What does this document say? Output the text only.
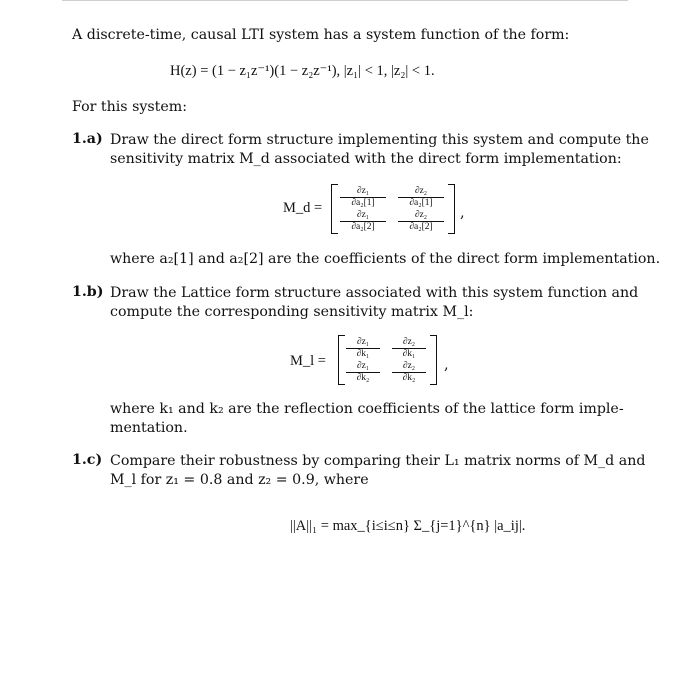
A discrete-time, causal LTI system has a system function of the form:
H(z) = (1 − z₁z⁻¹)(1 − z₂z⁻¹), |z₁| < 1, |z₂| < 1.
For this system:
1.a) Draw the direct form structure implementing this system and compute the
sensitivity matrix M_d associated with the direct form implementation:
M_d =
∂z₁
∂a₂[1]
∂z₂
∂a₂[1]
∂z₁
∂a₂[2]
∂z₂
∂a₂[2]
,
where a₂[1] and a₂[2] are the coefficients of the direct form implementation.
1.b) Draw the Lattice form structure associated with this system function and
compute the corresponding sensitivity matrix M_l:
M_l =
∂z₁
∂k₁
∂z₂
∂k₁
∂z₁
∂k₂
∂z₂
∂k₂
,
where k₁ and k₂ are the reflection coefficients of the lattice form imple-
mentation.
1.c) Compare their robustness by comparing their L₁ matrix norms of M_d and
M_l for z₁ = 0.8 and z₂ = 0.9, where
||A||₁ = max_{i≤i≤n} Σ_{j=1}^{n} |a_ij|.
